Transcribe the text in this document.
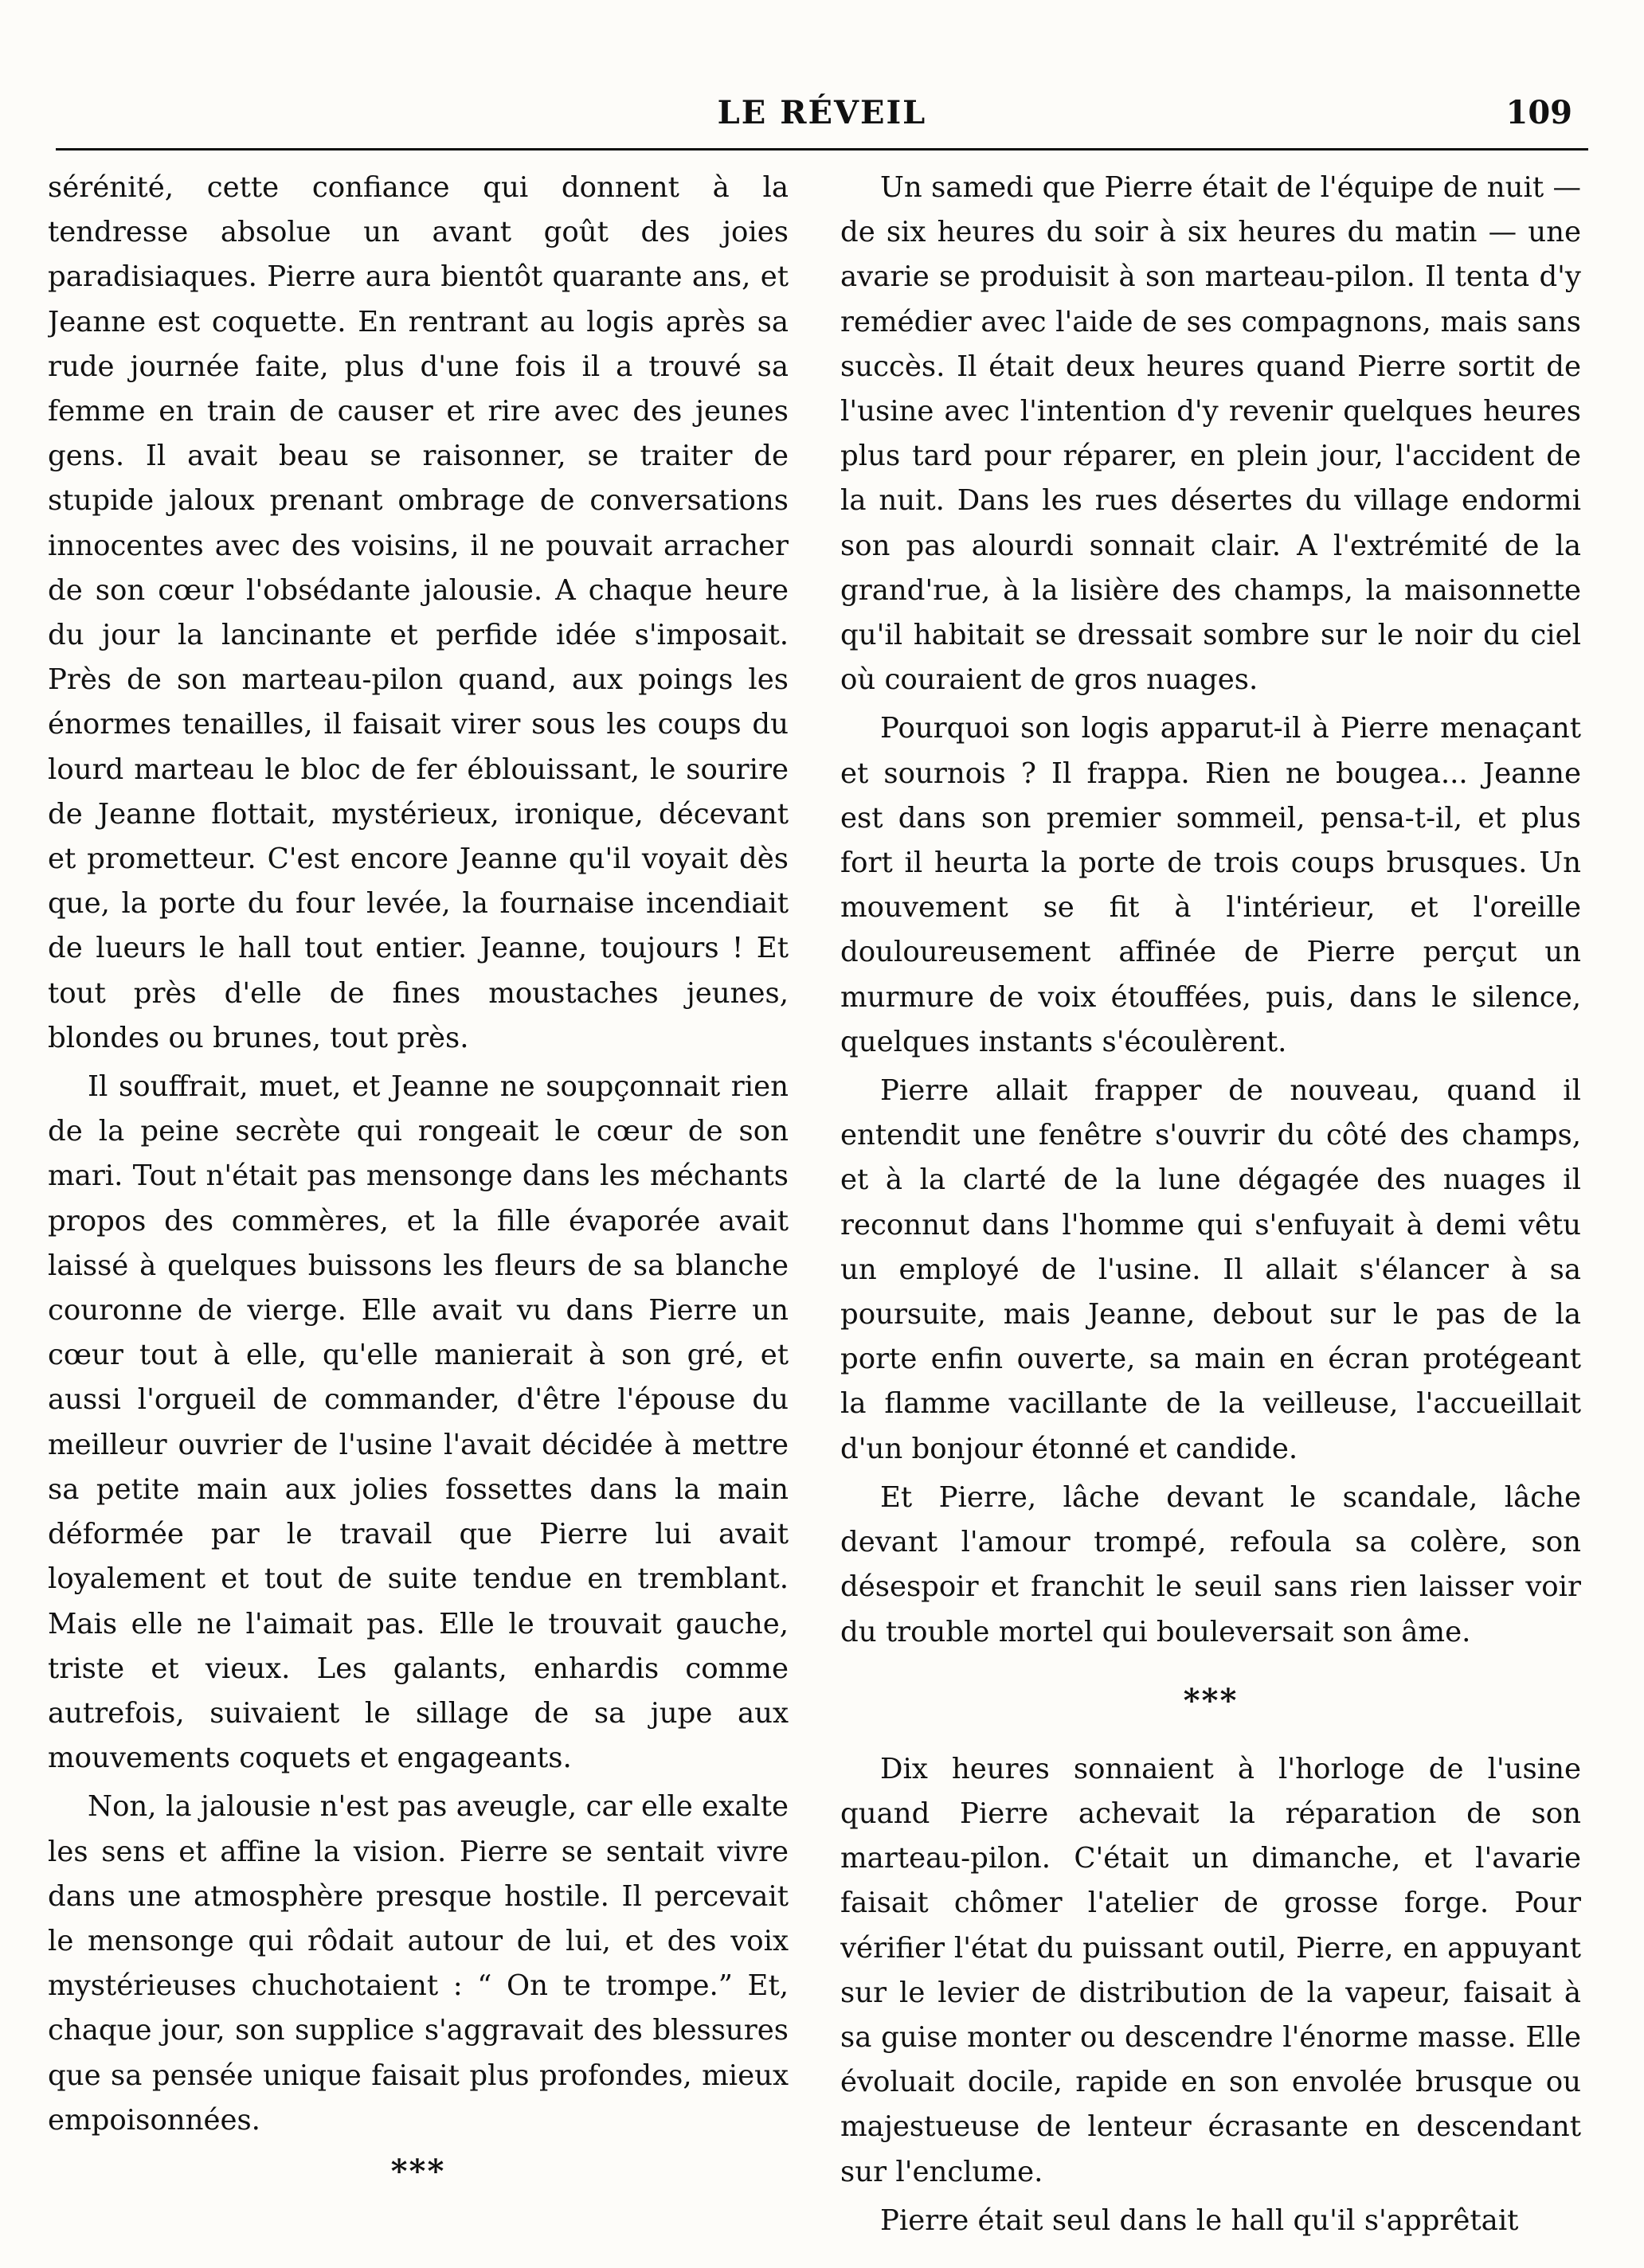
LE RÉVEIL	109

sérénité, cette confiance qui donnent à la tendresse absolue un avant goût des joies paradisiaques. Pierre aura bientôt quarante ans, et Jeanne est coquette. En rentrant au logis après sa rude journée faite, plus d'une fois il a trouvé sa femme en train de causer et rire avec des jeunes gens. Il avait beau se raisonner, se traiter de stupide jaloux prenant ombrage de conversations innocentes avec des voisins, il ne pouvait arracher de son cœur l'obsédante jalousie. A chaque heure du jour la lancinante et perfide idée s'imposait. Près de son marteau-pilon quand, aux poings les énormes tenailles, il faisait virer sous les coups du lourd marteau le bloc de fer éblouissant, le sourire de Jeanne flottait, mystérieux, ironique, décevant et prometteur. C'est encore Jeanne qu'il voyait dès que, la porte du four levée, la fournaise incendiait de lueurs le hall tout entier. Jeanne, toujours ! Et tout près d'elle de fines moustaches jeunes, blondes ou brunes, tout près.

Il souffrait, muet, et Jeanne ne soupçonnait rien de la peine secrète qui rongeait le cœur de son mari. Tout n'était pas mensonge dans les méchants propos des commères, et la fille évaporée avait laissé à quelques buissons les fleurs de sa blanche couronne de vierge. Elle avait vu dans Pierre un cœur tout à elle, qu'elle manierait à son gré, et aussi l'orgueil de commander, d'être l'épouse du meilleur ouvrier de l'usine l'avait décidée à mettre sa petite main aux jolies fossettes dans la main déformée par le travail que Pierre lui avait loyalement et tout de suite tendue en tremblant. Mais elle ne l'aimait pas. Elle le trouvait gauche, triste et vieux. Les galants, enhardis comme autrefois, suivaient le sillage de sa jupe aux mouvements coquets et engageants.

Non, la jalousie n'est pas aveugle, car elle exalte les sens et affine la vision. Pierre se sentait vivre dans une atmosphère presque hostile. Il percevait le mensonge qui rôdait autour de lui, et des voix mystérieuses chuchotaient : “ On te trompe.” Et, chaque jour, son supplice s'aggravait des blessures que sa pensée unique faisait plus profondes, mieux empoisonnées.

***

Un samedi que Pierre était de l'équipe de nuit — de six heures du soir à six heures du matin — une avarie se produisit à son marteau-pilon. Il tenta d'y remédier avec l'aide de ses compagnons, mais sans succès. Il était deux heures quand Pierre sortit de l'usine avec l'intention d'y revenir quelques heures plus tard pour réparer, en plein jour, l'accident de la nuit. Dans les rues désertes du village endormi son pas alourdi sonnait clair. A l'extrémité de la grand'rue, à la lisière des champs, la maisonnette qu'il habitait se dressait sombre sur le noir du ciel où couraient de gros nuages.

Pourquoi son logis apparut-il à Pierre menaçant et sournois ? Il frappa. Rien ne bougea... Jeanne est dans son premier sommeil, pensa-t-il, et plus fort il heurta la porte de trois coups brusques. Un mouvement se fit à l'intérieur, et l'oreille douloureusement affinée de Pierre perçut un murmure de voix étouffées, puis, dans le silence, quelques instants s'écoulèrent.

Pierre allait frapper de nouveau, quand il entendit une fenêtre s'ouvrir du côté des champs, et à la clarté de la lune dégagée des nuages il reconnut dans l'homme qui s'enfuyait à demi vêtu un employé de l'usine. Il allait s'élancer à sa poursuite, mais Jeanne, debout sur le pas de la porte enfin ouverte, sa main en écran protégeant la flamme vacillante de la veilleuse, l'accueillait d'un bonjour étonné et candide.

Et Pierre, lâche devant le scandale, lâche devant l'amour trompé, refoula sa colère, son désespoir et franchit le seuil sans rien laisser voir du trouble mortel qui bouleversait son âme.

***

Dix heures sonnaient à l'horloge de l'usine quand Pierre achevait la réparation de son marteau-pilon. C'était un dimanche, et l'avarie faisait chômer l'atelier de grosse forge. Pour vérifier l'état du puissant outil, Pierre, en appuyant sur le levier de distribution de la vapeur, faisait à sa guise monter ou descendre l'énorme masse. Elle évoluait docile, rapide en son envolée brusque ou majestueuse de lenteur écrasante en descendant sur l'enclume.

Pierre était seul dans le hall qu'il s'apprêtait
